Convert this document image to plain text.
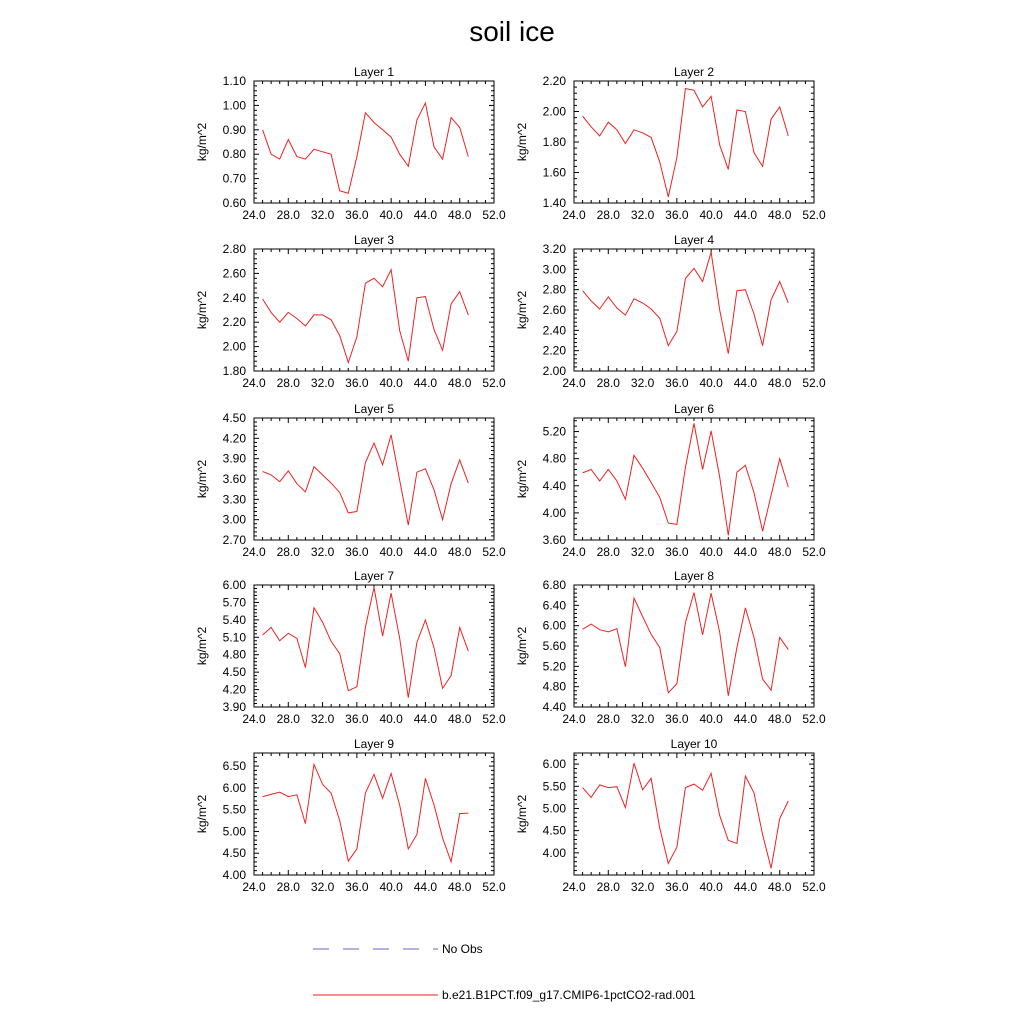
soil ice
Layer 1
kg/m^2
24.0 28.0 32.0 36.0 40.0 44.0 48.0 52.0
0.60
0.70
0.80
0.90
1.00
1.10
Layer 2
kg/m^2
24.0 28.0 32.0 36.0 40.0 44.0 48.0 52.0
1.40
1.60
1.80
2.00
2.20
Layer 3
kg/m^2
24.0 28.0 32.0 36.0 40.0 44.0 48.0 52.0
1.80
2.00
2.20
2.40
2.60
2.80
Layer 4
kg/m^2
24.0 28.0 32.0 36.0 40.0 44.0 48.0 52.0
2.00
2.20
2.40
2.60
2.80
3.00
3.20
Layer 5
kg/m^2
24.0 28.0 32.0 36.0 40.0 44.0 48.0 52.0
2.70
3.00
3.30
3.60
3.90
4.20
4.50
Layer 6
kg/m^2
24.0 28.0 32.0 36.0 40.0 44.0 48.0 52.0
3.60
4.00
4.40
4.80
5.20
Layer 7
kg/m^2
24.0 28.0 32.0 36.0 40.0 44.0 48.0 52.0
3.90
4.20
4.50
4.80
5.10
5.40
5.70
6.00
Layer 8
kg/m^2
24.0 28.0 32.0 36.0 40.0 44.0 48.0 52.0
4.40
4.80
5.20
5.60
6.00
6.40
6.80
Layer 9
kg/m^2
24.0 28.0 32.0 36.0 40.0 44.0 48.0 52.0
4.00
4.50
5.00
5.50
6.00
6.50
Layer 10
kg/m^2
24.0 28.0 32.0 36.0 40.0 44.0 48.0 52.0
4.00
4.50
5.00
5.50
6.00
No Obs
b.e21.B1PCT.f09_g17.CMIP6-1pctCO2-rad.001
